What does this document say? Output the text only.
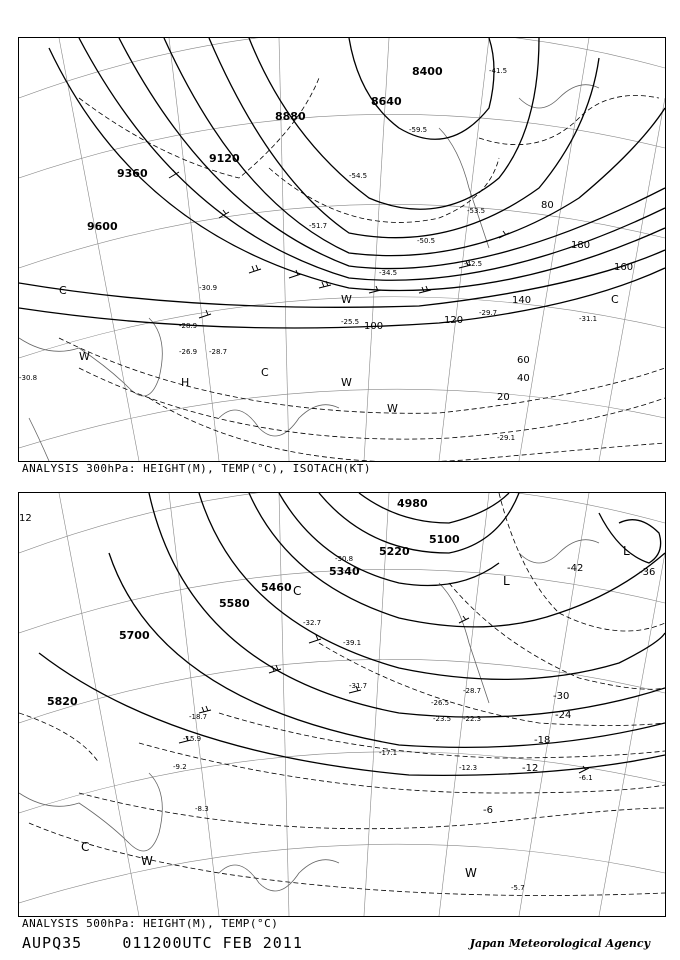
8400
8640
8880
9120
9360
9600
20
40
60
80
100
120
140
160
180
H
C
C
C
W
W
W
W
-41.5
-59.5
-54.5
-53.5
-51.7
-50.5
-42.5
-34.5
-30.9
-28.9
-29.7
-29.1
-31.1
-30.8
-28.7
-25.5
-26.9
ANALYSIS 300hPa: HEIGHT(M), TEMP(°C), ISOTACH(KT)
4980
5100
5220
5340
5460
5580
5700
5820
-42	-36
-30
-24
-18
-12
-6
12
L
L
C
C
W
W
-31.7
-30.8
-32.7
-39.1
-26.5
-28.7
-22.3
-23.5
-17.1
-12.3
-6.1
-8.3
-5.7
-15.9
-18.7
-9.2
ANALYSIS 500hPa: HEIGHT(M), TEMP(°C)
AUPQ35	011200UTC FEB 2011	Japan Meteorological Agency
